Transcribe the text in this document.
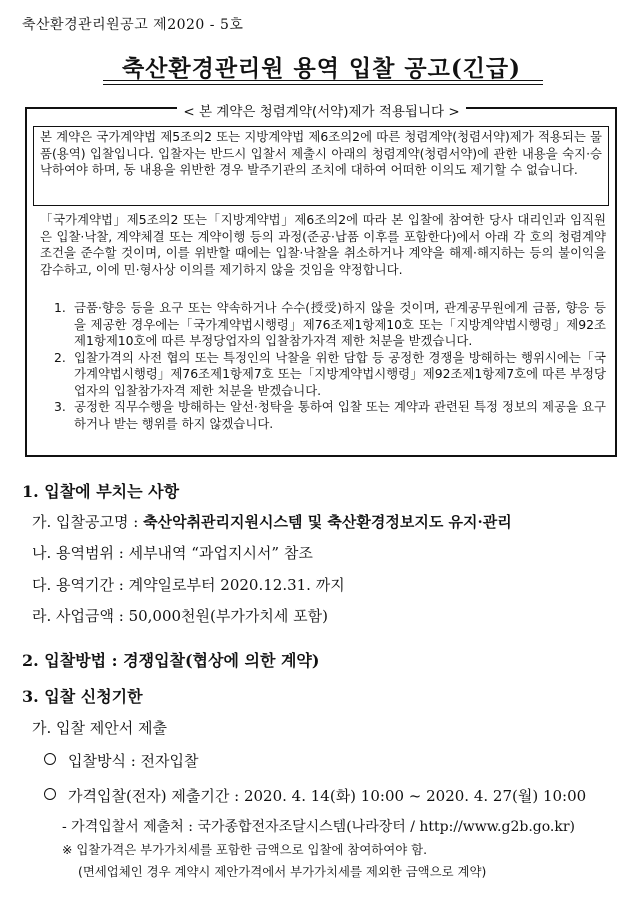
축산환경관리원공고 제2020 - 5호
축산환경관리원 용역 입찰 공고(긴급)
< 본 계약은 청렴계약(서약)제가 적용됩니다 >
본 계약은 국가계약법 제5조의2 또는 지방계약법 제6조의2에 따른 청렴계약(청렴서약)제가 적용되는 물품(용역) 입찰입니다. 입찰자는 반드시 입찰서 제출시 아래의 청렴계약(청렴서약)에 관한 내용을 숙지·승낙하여야 하며, 동 내용을 위반한 경우 발주기관의 조치에 대하여 어떠한 이의도 제기할 수 없습니다.
「국가계약법」제5조의2 또는「지방계약법」제6조의2에 따라 본 입찰에 참여한 당사 대리인과 임직원은 입찰·낙찰, 계약체결 또는 계약이행 등의 과정(준공·납품 이후를 포함한다)에서 아래 각 호의 청렴계약 조건을 준수할 것이며, 이를 위반할 때에는 입찰·낙찰을 취소하거나 계약을 해제·해지하는 등의 불이익을 감수하고, 이에 민·형사상 이의를 제기하지 않을 것임을 약정합니다.
1. 금품·향응 등을 요구 또는 약속하거나 수수(授受)하지 않을 것이며, 관계공무원에게 금품, 향응 등을 제공한 경우에는「국가계약법시행령」제76조제1항제10호 또는「지방계약법시행령」제92조제1항제10호에 따른 부정당업자의 입찰참가자격 제한 처분을 받겠습니다.
2. 입찰가격의 사전 협의 또는 특정인의 낙찰을 위한 담합 등 공정한 경쟁을 방해하는 행위시에는「국가계약법시행령」제76조제1항제7호 또는「지방계약법시행령」제92조제1항제7호에 따른 부정당업자의 입찰참가자격 제한 처분을 받겠습니다.
3. 공정한 직무수행을 방해하는 알선·청탁을 통하여 입찰 또는 계약과 관련된 특정 정보의 제공을 요구하거나 받는 행위를 하지 않겠습니다.
1. 입찰에 부치는 사항
가. 입찰공고명 : 축산악취관리지원시스템 및 축산환경정보지도 유지·관리
나. 용역범위 : 세부내역 “과업지시서” 참조
다. 용역기간 : 계약일로부터 2020.12.31. 까지
라. 사업금액 : 50,000천원(부가가치세 포함)
2. 입찰방법 : 경쟁입찰(협상에 의한 계약)
3. 입찰 신청기한
가. 입찰 제안서 제출
입찰방식 : 전자입찰
가격입찰(전자) 제출기간 : 2020. 4. 14(화) 10:00 ~ 2020. 4. 27(월) 10:00
- 가격입찰서 제출처 : 국가종합전자조달시스템(나라장터 / http://www.g2b.go.kr)
※ 입찰가격은 부가가치세를 포함한 금액으로 입찰에 참여하여야 함.
(면세업체인 경우 계약시 제안가격에서 부가가치세를 제외한 금액으로 계약)
